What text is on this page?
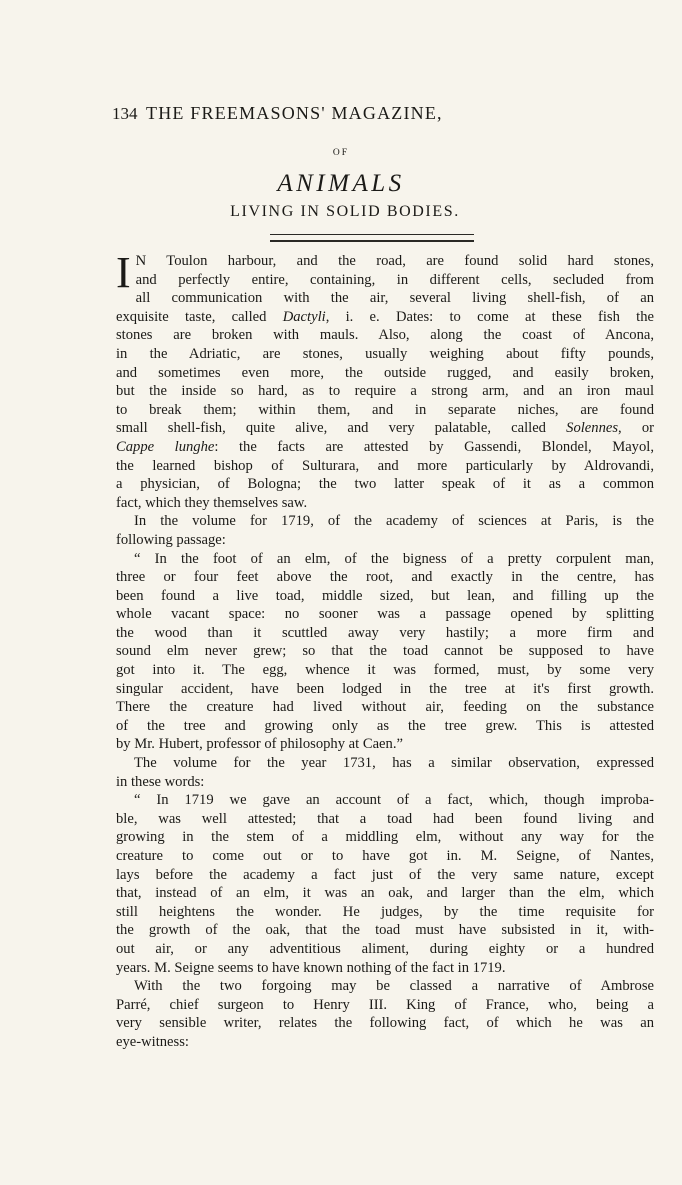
134 THE FREEMASONS' MAGAZINE,
OF
ANIMALS
LIVING IN SOLID BODIES.

I N Toulon harbour, and the road, are found solid hard stones,
and perfectly entire, containing, in different cells, secluded from
all communication with the air, several living shell-fish, of an
exquisite taste, called Dactyli, i. e. Dates: to come at these fish the
stones are broken with mauls. Also, along the coast of Ancona,
in the Adriatic, are stones, usually weighing about fifty pounds,
and sometimes even more, the outside rugged, and easily broken,
but the inside so hard, as to require a strong arm, and an iron maul
to break them; within them, and in separate niches, are found
small shell-fish, quite alive, and very palatable, called Solennes, or
Cappe lunghe: the facts are attested by Gassendi, Blondel, Mayol,
the learned bishop of Sulturara, and more particularly by Aldrovandi,
a physician, of Bologna; the two latter speak of it as a common
fact, which they themselves saw.

In the volume for 1719, of the academy of sciences at Paris, is the
following passage:

“ In the foot of an elm, of the bigness of a pretty corpulent man,
three or four feet above the root, and exactly in the centre, has
been found a live toad, middle sized, but lean, and filling up the
whole vacant space: no sooner was a passage opened by splitting
the wood than it scuttled away very hastily; a more firm and
sound elm never grew; so that the toad cannot be supposed to have
got into it. The egg, whence it was formed, must, by some very
singular accident, have been lodged in the tree at it's first growth.
There the creature had lived without air, feeding on the substance
of the tree and growing only as the tree grew. This is attested
by Mr. Hubert, professor of philosophy at Caen.”

The volume for the year 1731, has a similar observation, expressed
in these words:

“ In 1719 we gave an account of a fact, which, though improba-
ble, was well attested; that a toad had been found living and
growing in the stem of a middling elm, without any way for the
creature to come out or to have got in. M. Seigne, of Nantes,
lays before the academy a fact just of the very same nature, except
that, instead of an elm, it was an oak, and larger than the elm, which
still heightens the wonder. He judges, by the time requisite for
the growth of the oak, that the toad must have subsisted in it, with-
out air, or any adventitious aliment, during eighty or a hundred
years. M. Seigne seems to have known nothing of the fact in 1719.

With the two forgoing may be classed a narrative of Ambrose
Parré, chief surgeon to Henry III. King of France, who, being a
very sensible writer, relates the following fact, of which he was an
eye-witness:
